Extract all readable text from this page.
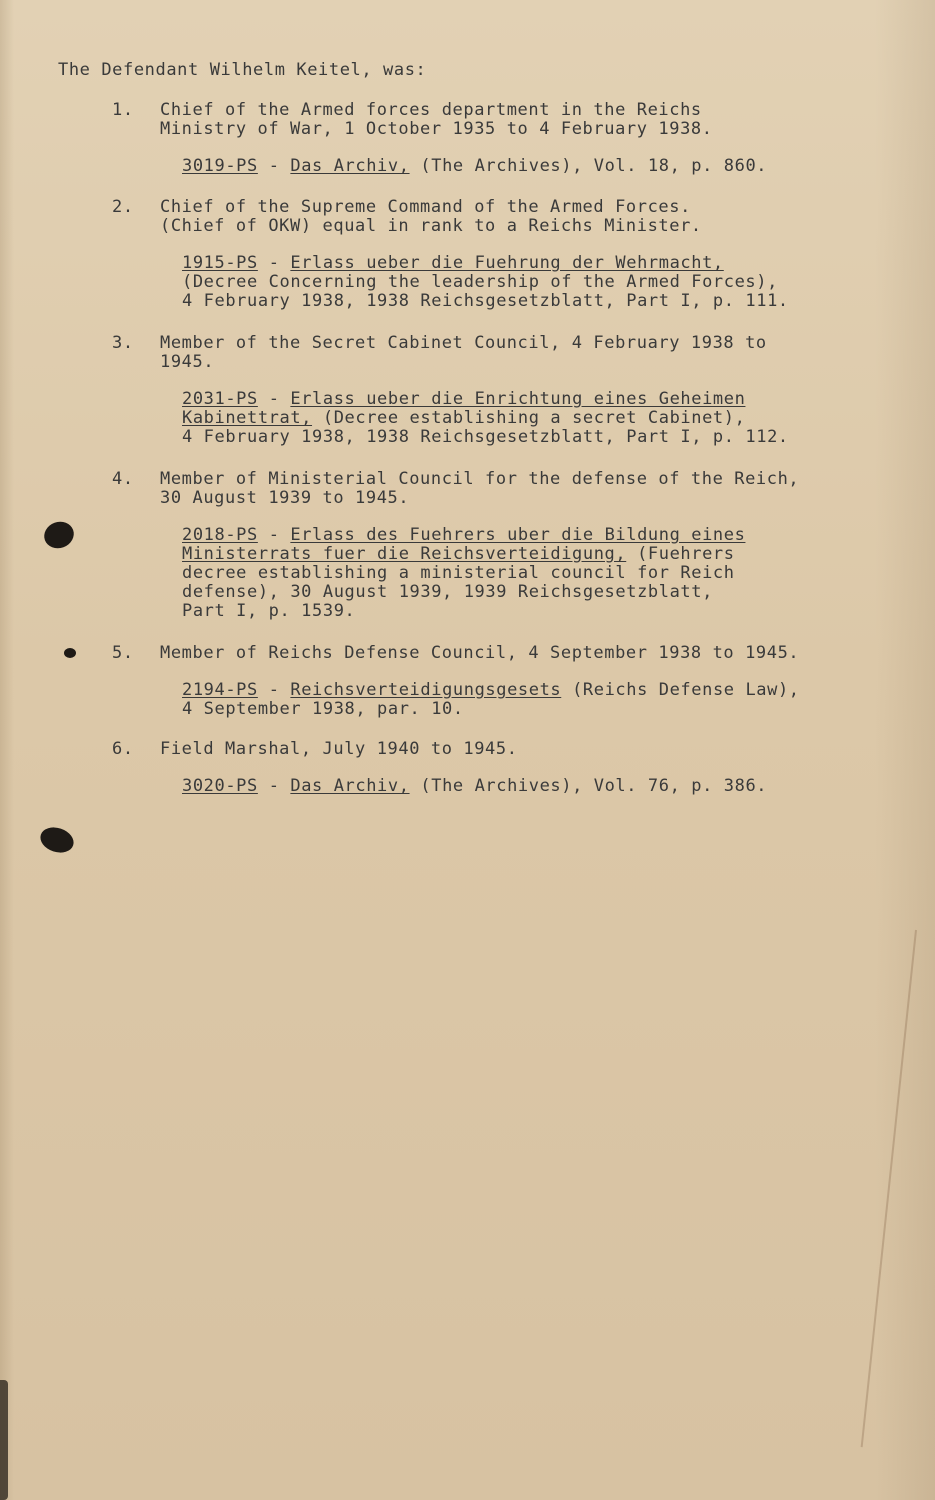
The Defendant Wilhelm Keitel, was:
1.	Chief of the Armed forces department in the Reichs
Ministry of War, 1 October 1935 to 4 February 1938.
3019-PS - Das Archiv, (The Archives), Vol. 18, p. 860.
2.	Chief of the Supreme Command of the Armed Forces.
(Chief of OKW) equal in rank to a Reichs Minister.
1915-PS - Erlass ueber die Fuehrung der Wehrmacht,
(Decree Concerning the leadership of the Armed Forces),
4 February 1938, 1938 Reichsgesetzblatt, Part I, p. 111.
3.	Member of the Secret Cabinet Council, 4 February 1938 to
1945.
2031-PS - Erlass ueber die Enrichtung eines Geheimen
Kabinettrat, (Decree establishing a secret Cabinet),
4 February 1938, 1938 Reichsgesetzblatt, Part I, p. 112.
4.	Member of Ministerial Council for the defense of the Reich,
30 August 1939 to 1945.
2018-PS - Erlass des Fuehrers uber die Bildung eines
Ministerrats fuer die Reichsverteidigung, (Fuehrers
decree establishing a ministerial council for Reich
defense), 30 August 1939, 1939 Reichsgesetzblatt,
Part I, p. 1539.
5.	Member of Reichs Defense Council, 4 September 1938 to 1945.
2194-PS - Reichsverteidigungsgesets (Reichs Defense Law),
4 September 1938, par. 10.
6.	Field Marshal, July 1940 to 1945.
3020-PS - Das Archiv, (The Archives), Vol. 76, p. 386.
